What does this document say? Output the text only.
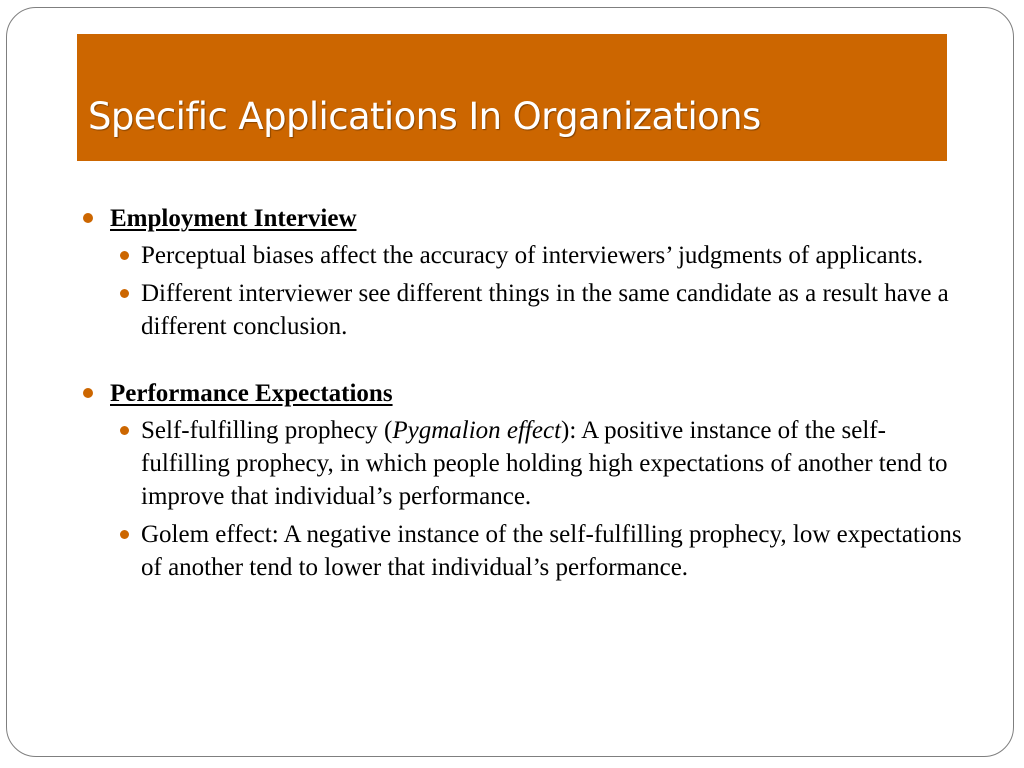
Specific Applications In Organizations
Employment Interview
Perceptual biases affect the accuracy of interviewers’ judgments of applicants.
Different interviewer see different things in the same candidate as a result have a different conclusion.
Performance Expectations
Self-fulfilling prophecy (Pygmalion effect): A positive instance of the self-fulfilling prophecy, in which people holding high expectations of another tend to improve that individual’s performance.
Golem effect: A negative instance of the self-fulfilling prophecy, low expectations of another tend to lower that individual’s performance.
